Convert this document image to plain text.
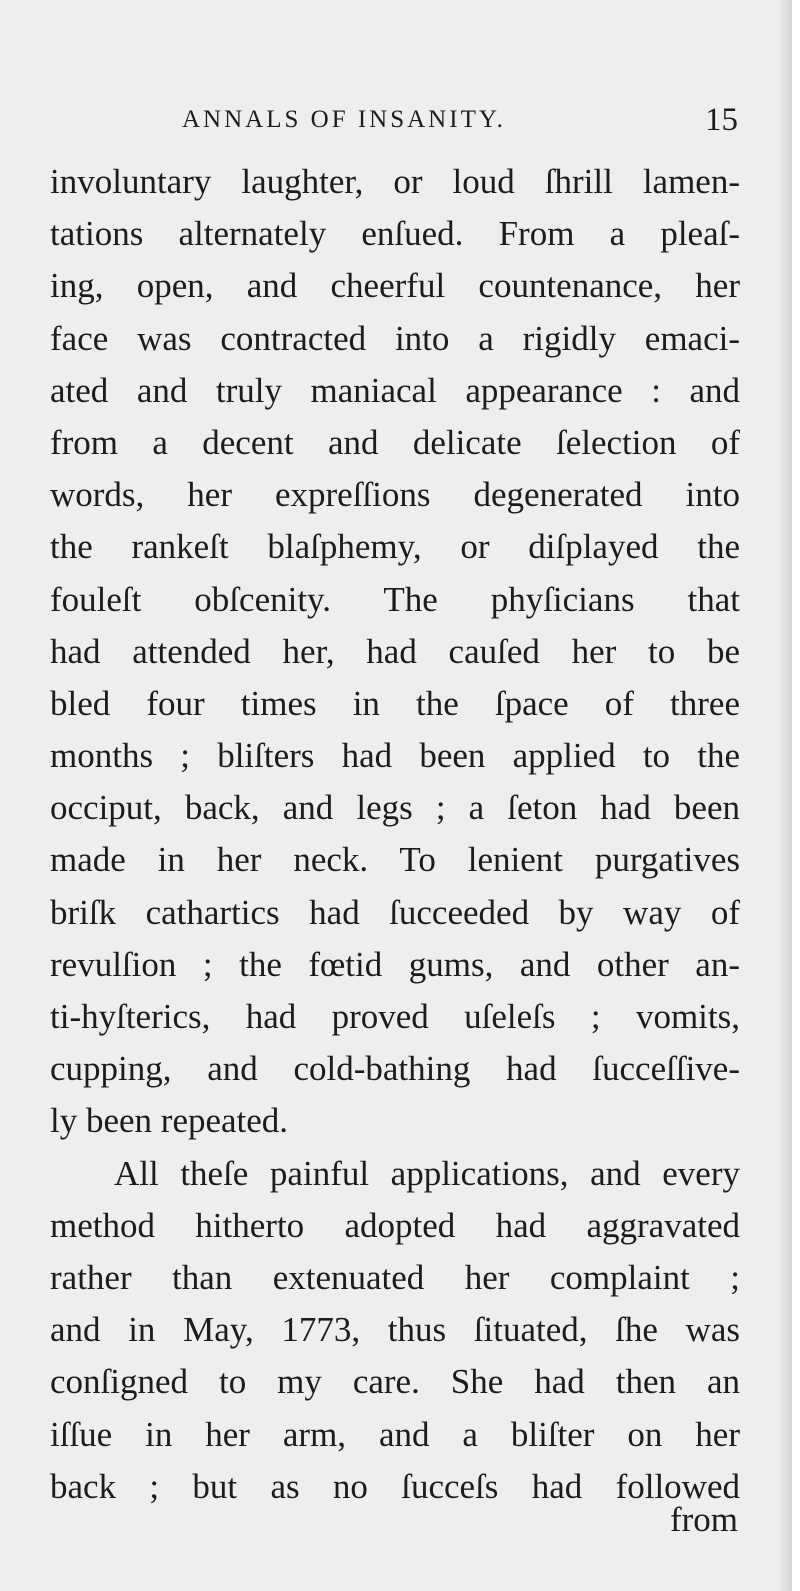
ANNALS OF INSANITY.	15
involuntary laughter, or loud ſhrill lamen-
tations alternately enſued. From a pleaſ-
ing, open, and cheerful countenance, her
face was contracted into a rigidly emaci-
ated and truly maniacal appearance : and
from a decent and delicate ſelection of
words, her expreſſions degenerated into
the rankeſt blaſphemy, or diſplayed the
fouleſt obſcenity. The phyſicians that
had attended her, had cauſed her to be
bled four times in the ſpace of three
months ; bliſters had been applied to the
occiput, back, and legs ; a ſeton had been
made in her neck. To lenient purgatives
briſk cathartics had ſucceeded by way of
revulſion ; the fœtid gums, and other an-
ti-hyſterics, had proved uſeleſs ; vomits,
cupping, and cold-bathing had ſucceſſive-
ly been repeated.
All theſe painful applications, and every
method hitherto adopted had aggravated
rather than extenuated her complaint ;
and in May, 1773, thus ſituated, ſhe was
conſigned to my care. She had then an
iſſue in her arm, and a bliſter on her
back ; but as no ſucceſs had followed
from
